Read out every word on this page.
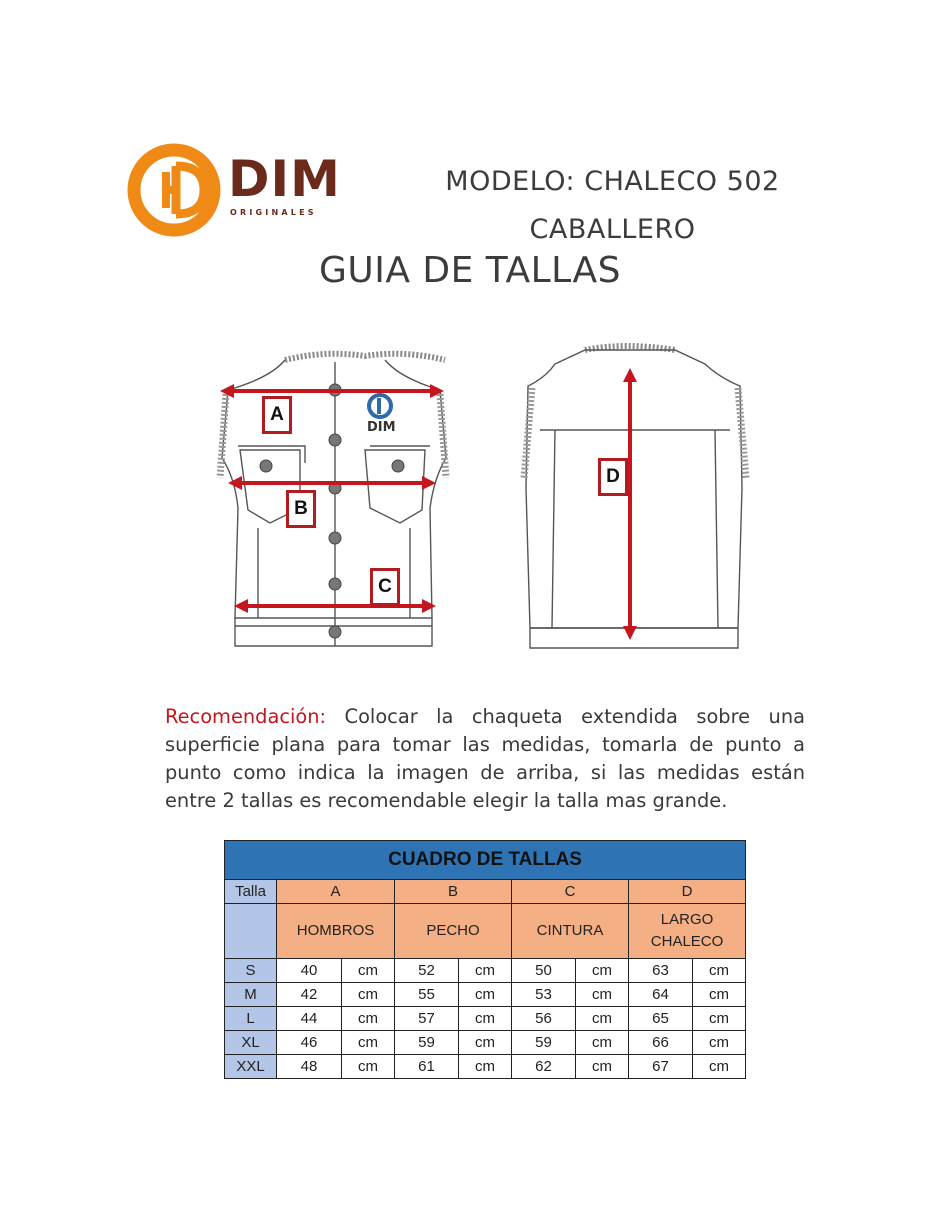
DIM
ORIGINALES
MODELO: CHALECO 502
CABALLERO
GUIA DE TALLAS
DIM
A
B
C
D
Recomendación: Colocar la chaqueta extendida sobre una superficie plana para tomar las medidas, tomarla de punto a punto como indica la imagen de arriba, si las medidas están entre 2 tallas es recomendable elegir la talla mas grande.
CUADRO DE TALLAS								
Talla	A		B		C		D	
	HOMBROS		PECHO		CINTURA		LARGO CHALECO	
S	40	cm	52	cm	50	cm	63	cm
M	42	cm	55	cm	53	cm	64	cm
L	44	cm	57	cm	56	cm	65	cm
XL	46	cm	59	cm	59	cm	66	cm
XXL	48	cm	61	cm	62	cm	67	cm
